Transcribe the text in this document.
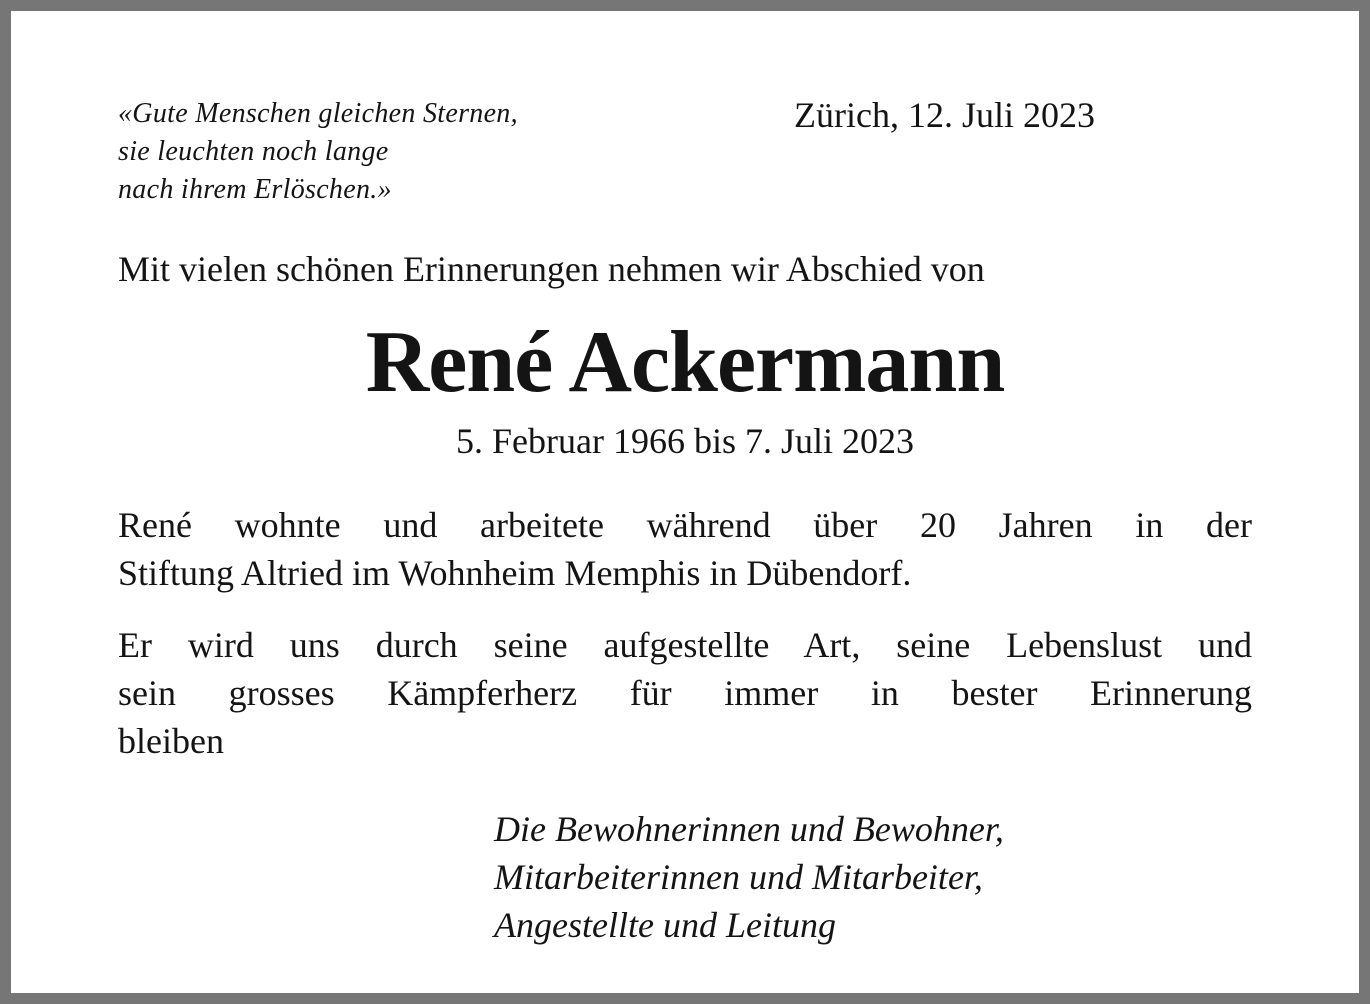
«Gute Menschen gleichen Sternen,
sie leuchten noch lange
nach ihrem Erlöschen.»
Zürich, 12. Juli 2023
Mit vielen schönen Erinnerungen nehmen wir Abschied von
René Ackermann
5. Februar 1966 bis 7. Juli 2023
René wohnte und arbeitete während über 20 Jahren in der
Stiftung Altried im Wohnheim Memphis in Dübendorf.
Er wird uns durch seine aufgestellte Art, seine Lebenslust und
sein grosses Kämpferherz für immer in bester Erinnerung
bleiben
Die Bewohnerinnen und Bewohner,
Mitarbeiterinnen und Mitarbeiter,
Angestellte und Leitung
